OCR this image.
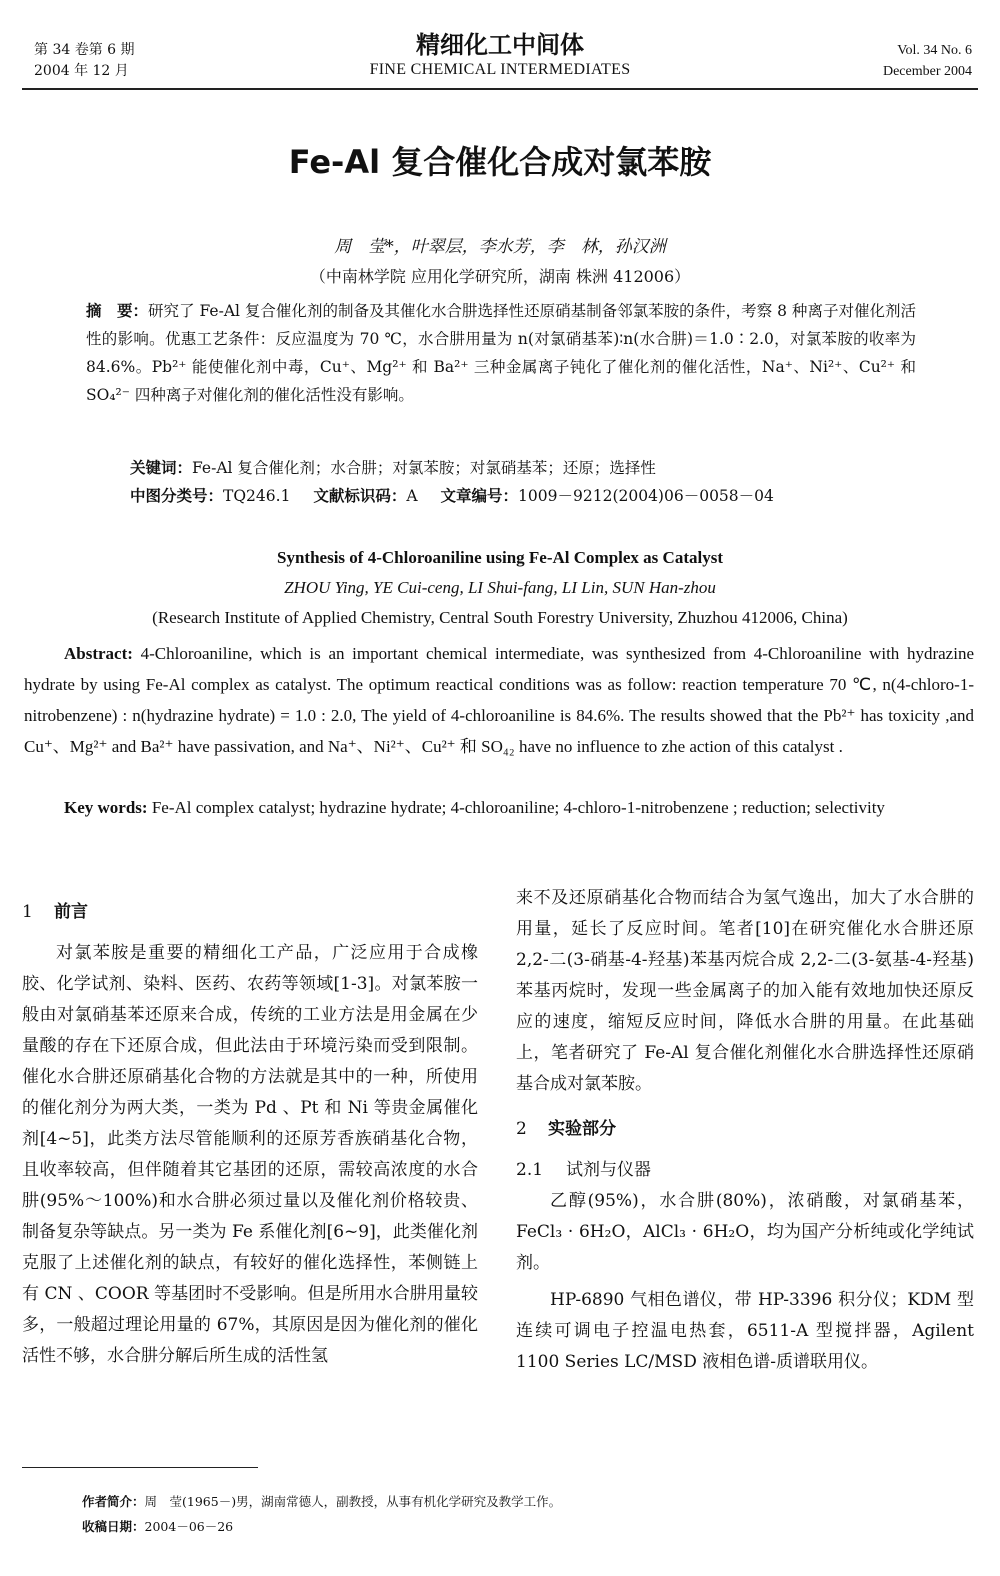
第 34 卷第 6 期
2004 年 12 月
精细化工中间体
FINE CHEMICAL INTERMEDIATES
Vol. 34 No. 6
December 2004
Fe-Al 复合催化合成对氯苯胺
周　莹*，叶翠层，李水芳，李　林，孙汉洲
（中南林学院 应用化学研究所，湖南 株洲 412006）
摘　要：研究了 Fe-Al 复合催化剂的制备及其催化水合肼选择性还原硝基制备邻氯苯胺的条件，考察 8 种离子对催化剂活性的影响。优惠工艺条件：反应温度为 70 ℃，水合肼用量为 n(对氯硝基苯)∶n(水合肼)＝1.0∶2.0，对氯苯胺的收率为 84.6%。Pb²⁺ 能使催化剂中毒，Cu⁺、Mg²⁺ 和 Ba²⁺ 三种金属离子钝化了催化剂的催化活性，Na⁺、Ni²⁺、Cu²⁺ 和 SO₄²⁻ 四种离子对催化剂的催化活性没有影响。
关键词：Fe-Al 复合催化剂；水合肼；对氯苯胺；对氯硝基苯；还原；选择性
中图分类号：TQ246.1 文献标识码：A 文章编号：1009－9212(2004)06－0058－04
Synthesis of 4-Chloroaniline using Fe-Al Complex as Catalyst
ZHOU Ying, YE Cui-ceng, LI Shui-fang, LI Lin, SUN Han-zhou
(Research Institute of Applied Chemistry, Central South Forestry University, Zhuzhou 412006, China)
Abstract: 4-Chloroaniline, which is an important chemical intermediate, was synthesized from 4-Chloroaniline with hydrazine hydrate by using Fe-Al complex as catalyst. The optimum reactical conditions was as follow: reaction temperature 70 ℃, n(4-chloro-1-nitrobenzene) : n(hydrazine hydrate) = 1.0 : 2.0, The yield of 4-chloroaniline is 84.6%. The results showed that the Pb²⁺ has toxicity ,and Cu⁺、Mg²⁺ and Ba²⁺ have passivation, and Na⁺、Ni²⁺、Cu²⁺ 和 SO₄₂ have no influence to zhe action of this catalyst .
Key words: Fe-Al complex catalyst; hydrazine hydrate; 4-chloroaniline; 4-chloro-1-nitrobenzene ; reduction; selectivity

1 前言

对氯苯胺是重要的精细化工产品，广泛应用于合成橡胶、化学试剂、染料、医药、农药等领域[1-3]。对氯苯胺一般由对氯硝基苯还原来合成，传统的工业方法是用金属在少量酸的存在下还原合成，但此法由于环境污染而受到限制。催化水合肼还原硝基化合物的方法就是其中的一种，所使用的催化剂分为两大类，一类为 Pd 、Pt 和 Ni 等贵金属催化剂[4~5]，此类方法尽管能顺利的还原芳香族硝基化合物，且收率较高，但伴随着其它基团的还原，需较高浓度的水合肼(95%～100%)和水合肼必须过量以及催化剂价格较贵、制备复杂等缺点。另一类为 Fe 系催化剂[6~9]，此类催化剂克服了上述催化剂的缺点，有较好的催化选择性，苯侧链上有 CN 、COOR 等基团时不受影响。但是所用水合肼用量较多，一般超过理论用量的 67%，其原因是因为催化剂的催化活性不够，水合肼分解后所生成的活性氢

来不及还原硝基化合物而结合为氢气逸出，加大了水合肼的用量，延长了反应时间。笔者[10]在研究催化水合肼还原 2,2-二(3-硝基-4-羟基)苯基丙烷合成 2,2-二(3-氨基-4-羟基)苯基丙烷时，发现一些金属离子的加入能有效地加快还原反应的速度，缩短反应时间，降低水合肼的用量。在此基础上，笔者研究了 Fe-Al 复合催化剂催化水合肼选择性还原硝基合成对氯苯胺。

2 实验部分

2.1 试剂与仪器

乙醇(95%)，水合肼(80%)，浓硝酸，对氯硝基苯，FeCl₃ · 6H₂O，AlCl₃ · 6H₂O，均为国产分析纯或化学纯试剂。

HP-6890 气相色谱仪，带 HP-3396 积分仪；KDM 型连续可调电子控温电热套，6511-A 型搅拌器，Agilent 1100 Series LC/MSD 液相色谱-质谱联用仪。

作者简介：周　莹(1965－)男，湖南常德人，副教授，从事有机化学研究及教学工作。
收稿日期：2004－06－26
